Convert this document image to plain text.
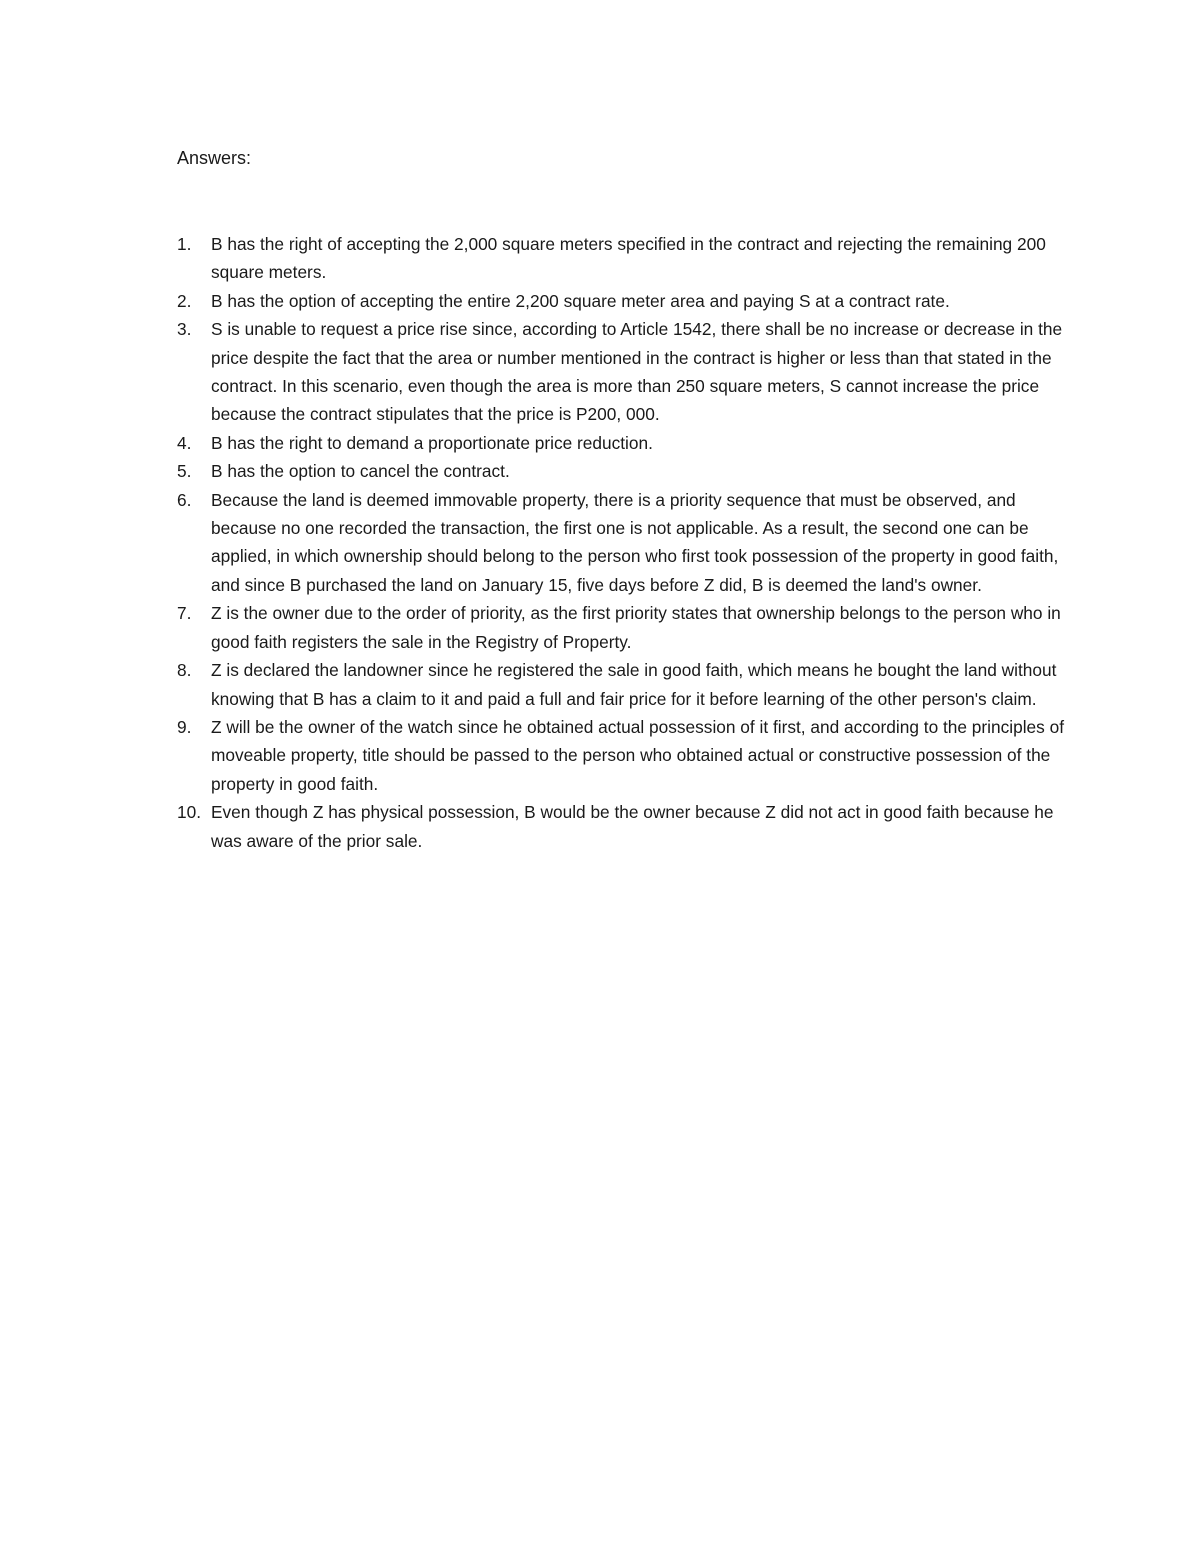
Answers:
1.	B has the right of accepting the 2,000 square meters specified in the contract and rejecting the remaining 200 square meters.
2.	B has the option of accepting the entire 2,200 square meter area and paying S at a contract rate.
3.	S is unable to request a price rise since, according to Article 1542, there shall be no increase or decrease in the price despite the fact that the area or number mentioned in the contract is higher or less than that stated in the contract. In this scenario, even though the area is more than 250 square meters, S cannot increase the price because the contract stipulates that the price is P200, 000.
4.	B has the right to demand a proportionate price reduction.
5.	B has the option to cancel the contract.
6.	Because the land is deemed immovable property, there is a priority sequence that must be observed, and because no one recorded the transaction, the first one is not applicable. As a result, the second one can be applied, in which ownership should belong to the person who first took possession of the property in good faith, and since B purchased the land on January 15, five days before Z did, B is deemed the land's owner.
7.	Z is the owner due to the order of priority, as the first priority states that ownership belongs to the person who in good faith registers the sale in the Registry of Property.
8.	Z is declared the landowner since he registered the sale in good faith, which means he bought the land without knowing that B has a claim to it and paid a full and fair price for it before learning of the other person's claim.
9.	Z will be the owner of the watch since he obtained actual possession of it first, and according to the principles of moveable property, title should be passed to the person who obtained actual or constructive possession of the property in good faith.
10. Even though Z has physical possession, B would be the owner because Z did not act in good faith because he was aware of the prior sale.
